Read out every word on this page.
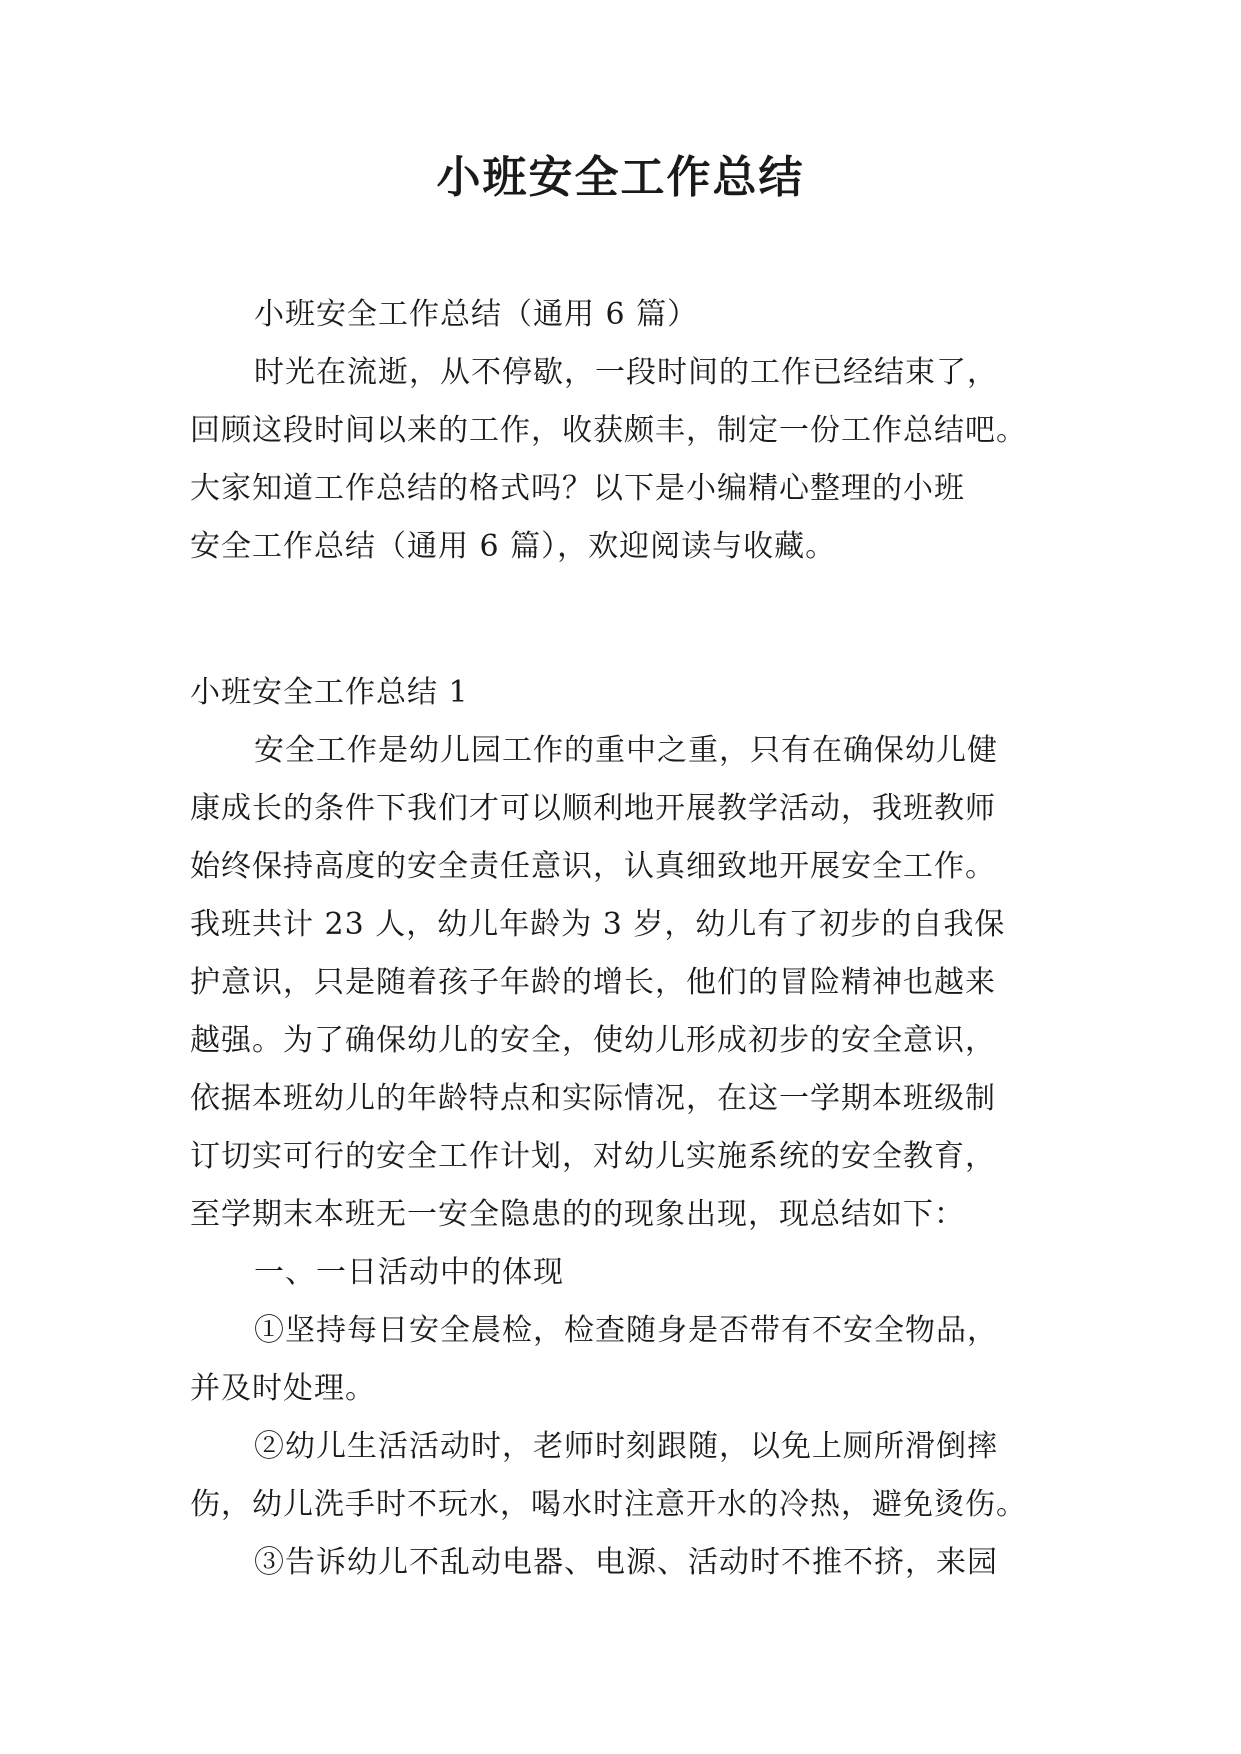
小班安全工作总结
小班安全工作总结（通用 6 篇）
时光在流逝，从不停歇，一段时间的工作已经结束了，
回顾这段时间以来的工作，收获颇丰，制定一份工作总结吧。
大家知道工作总结的格式吗？以下是小编精心整理的小班
安全工作总结（通用 6 篇），欢迎阅读与收藏。
小班安全工作总结 1
安全工作是幼儿园工作的重中之重，只有在确保幼儿健
康成长的条件下我们才可以顺利地开展教学活动，我班教师
始终保持高度的安全责任意识，认真细致地开展安全工作。
我班共计 23 人，幼儿年龄为 3 岁，幼儿有了初步的自我保
护意识，只是随着孩子年龄的增长，他们的冒险精神也越来
越强。为了确保幼儿的安全，使幼儿形成初步的安全意识，
依据本班幼儿的年龄特点和实际情况，在这一学期本班级制
订切实可行的安全工作计划，对幼儿实施系统的安全教育，
至学期末本班无一安全隐患的的现象出现，现总结如下：
一、一日活动中的体现
①坚持每日安全晨检，检查随身是否带有不安全物品，
并及时处理。
②幼儿生活活动时，老师时刻跟随，以免上厕所滑倒摔
伤，幼儿洗手时不玩水，喝水时注意开水的冷热，避免烫伤。
③告诉幼儿不乱动电器、电源、活动时不推不挤，来园
